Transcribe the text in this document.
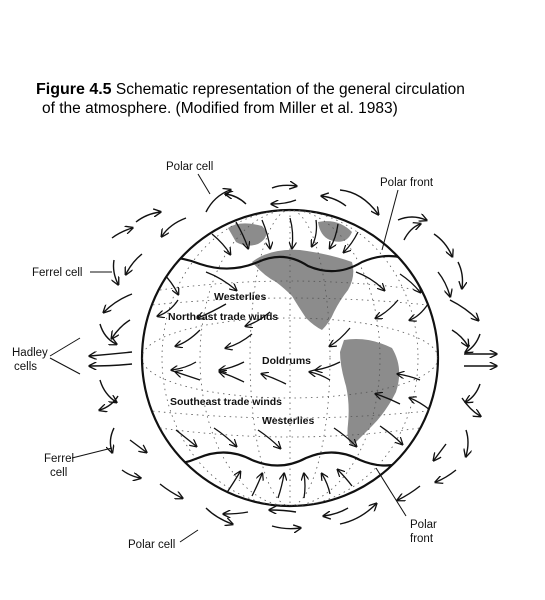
Figure 4.5 Schematic representation of the general circulation
of the atmosphere. (Modified from Miller et al. 1983)
Westerlies
Northeast trade winds
Doldrums
Southeast trade winds
Westerlies
Polar cell
Polar front
Ferrel cell
Hadley
cells
Ferrel
cell
Polar cell
Polar
front
